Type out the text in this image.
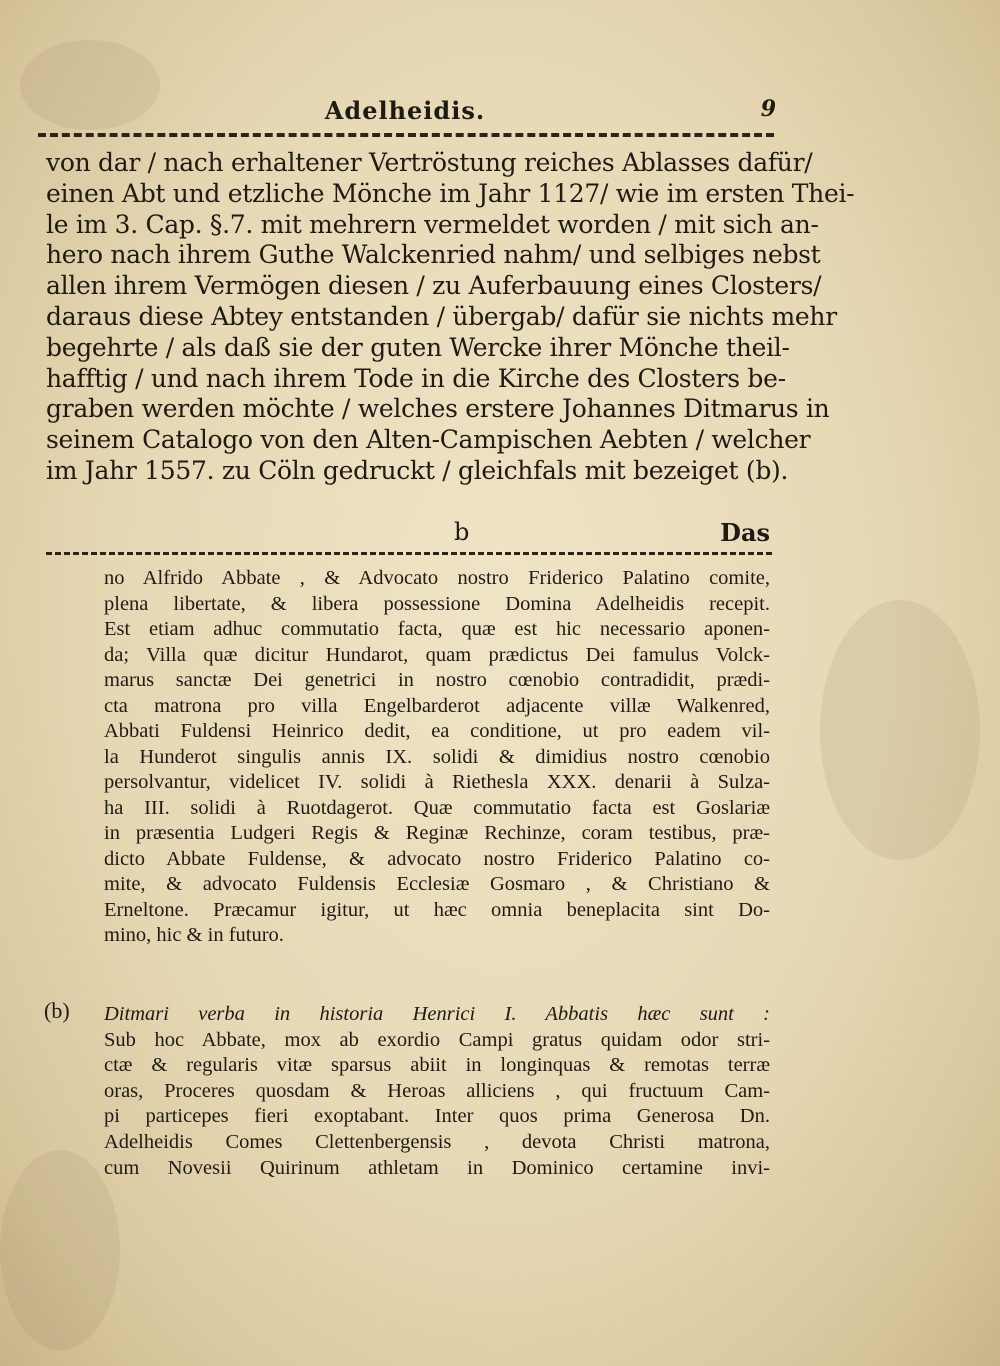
Adelheidis.	9
von dar / nach erhaltener Vertröstung reiches Ablasses dafür/
einen Abt und etzliche Mönche im Jahr 1127/ wie im ersten Thei-
le im 3. Cap. §.7. mit mehrern vermeldet worden / mit sich an-
hero nach ihrem Guthe Walckenried nahm/ und selbiges nebst
allen ihrem Vermögen diesen / zu Auferbauung eines Closters/
daraus diese Abtey entstanden / übergab/ dafür sie nichts mehr
begehrte / als daß sie der guten Wercke ihrer Mönche theil-
hafftig / und nach ihrem Tode in die Kirche des Closters be-
graben werden möchte / welches erstere Johannes Ditmarus in
seinem Catalogo von den Alten-Campischen Aebten / welcher
im Jahr 1557. zu Cöln gedruckt / gleichfals mit bezeiget (b).
b	Das
no Alfrido Abbate , & Advocato nostro Friderico Palatino comite,
plena libertate, & libera possessione Domina Adelheidis recepit.
Est etiam adhuc commutatio facta, quæ est hic necessario aponen-
da; Villa quæ dicitur Hundarot, quam prædictus Dei famulus Volck-
marus sanctæ Dei genetrici in nostro cœnobio contradidit, prædi-
cta matrona pro villa Engelbarderot adjacente villæ Walkenred,
Abbati Fuldensi Heinrico dedit, ea conditione, ut pro eadem vil-
la Hunderot singulis annis IX. solidi & dimidius nostro cœnobio
persolvantur, videlicet IV. solidi à Riethesla XXX. denarii à Sulza-
ha III. solidi à Ruotdagerot. Quæ commutatio facta est Goslariæ
in præsentia Ludgeri Regis & Reginæ Rechinze, coram testibus, præ-
dicto Abbate Fuldense, & advocato nostro Friderico Palatino co-
mite, & advocato Fuldensis Ecclesiæ Gosmaro , & Christiano &
Erneltone. Præcamur igitur, ut hæc omnia beneplacita sint Do-
mino, hic & in futuro.
(b) Ditmari verba in historia Henrici I. Abbatis hæc sunt :
Sub hoc Abbate, mox ab exordio Campi gratus quidam odor stri-
ctæ & regularis vitæ sparsus abiit in longinquas & remotas terræ
oras, Proceres quosdam & Heroas alliciens , qui fructuum Cam-
pi particepes fieri exoptabant. Inter quos prima Generosa Dn.
Adelheidis Comes Clettenbergensis , devota Christi matrona,
cum Novesii Quirinum athletam in Dominico certamine invi-
